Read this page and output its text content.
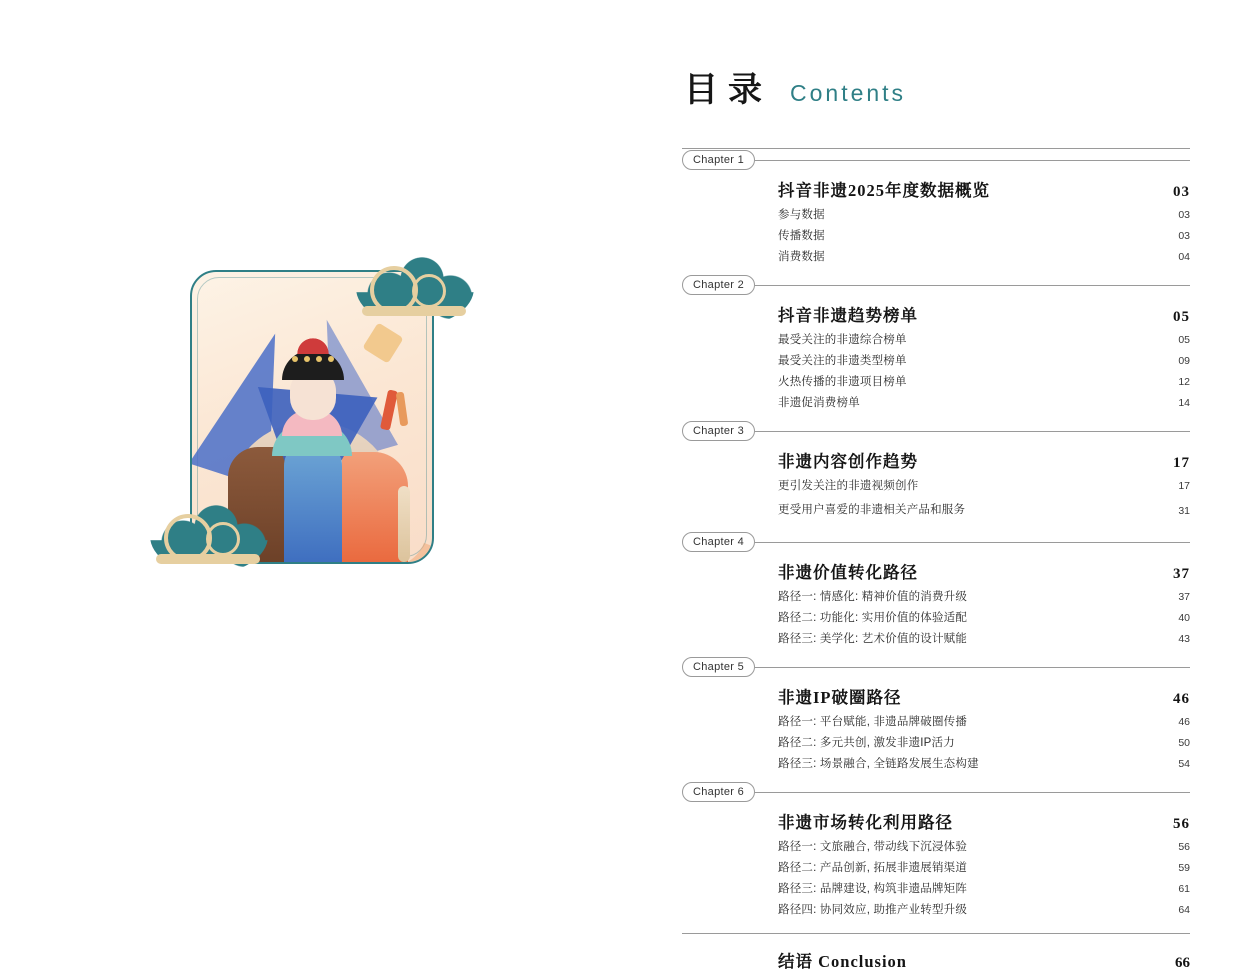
目录 Contents
Chapter 1
抖音非遗2025年度数据概览	03
参与数据	03
传播数据	03
消费数据	04
Chapter 2
抖音非遗趋势榜单	05
最受关注的非遗综合榜单	05
最受关注的非遗类型榜单	09
火热传播的非遗项目榜单	12
非遗促消费榜单	14
Chapter 3
非遗内容创作趋势	17
更引发关注的非遗视频创作	17
更受用户喜爱的非遗相关产品和服务	31
Chapter 4
非遗价值转化路径	37
路径一: 情感化: 精神价值的消费升级	37
路径二: 功能化: 实用价值的体验适配	40
路径三: 美学化: 艺术价值的设计赋能	43
Chapter 5
非遗IP破圈路径	46
路径一: 平台赋能, 非遗品牌破圈传播	46
路径二: 多元共创, 激发非遗IP活力	50
路径三: 场景融合, 全链路发展生态构建	54
Chapter 6
非遗市场转化利用路径	56
路径一: 文旅融合, 带动线下沉浸体验	56
路径二: 产品创新, 拓展非遗展销渠道	59
路径三: 品牌建设, 构筑非遗品牌矩阵	61
路径四: 协同效应, 助推产业转型升级	64
结语 Conclusion	66
